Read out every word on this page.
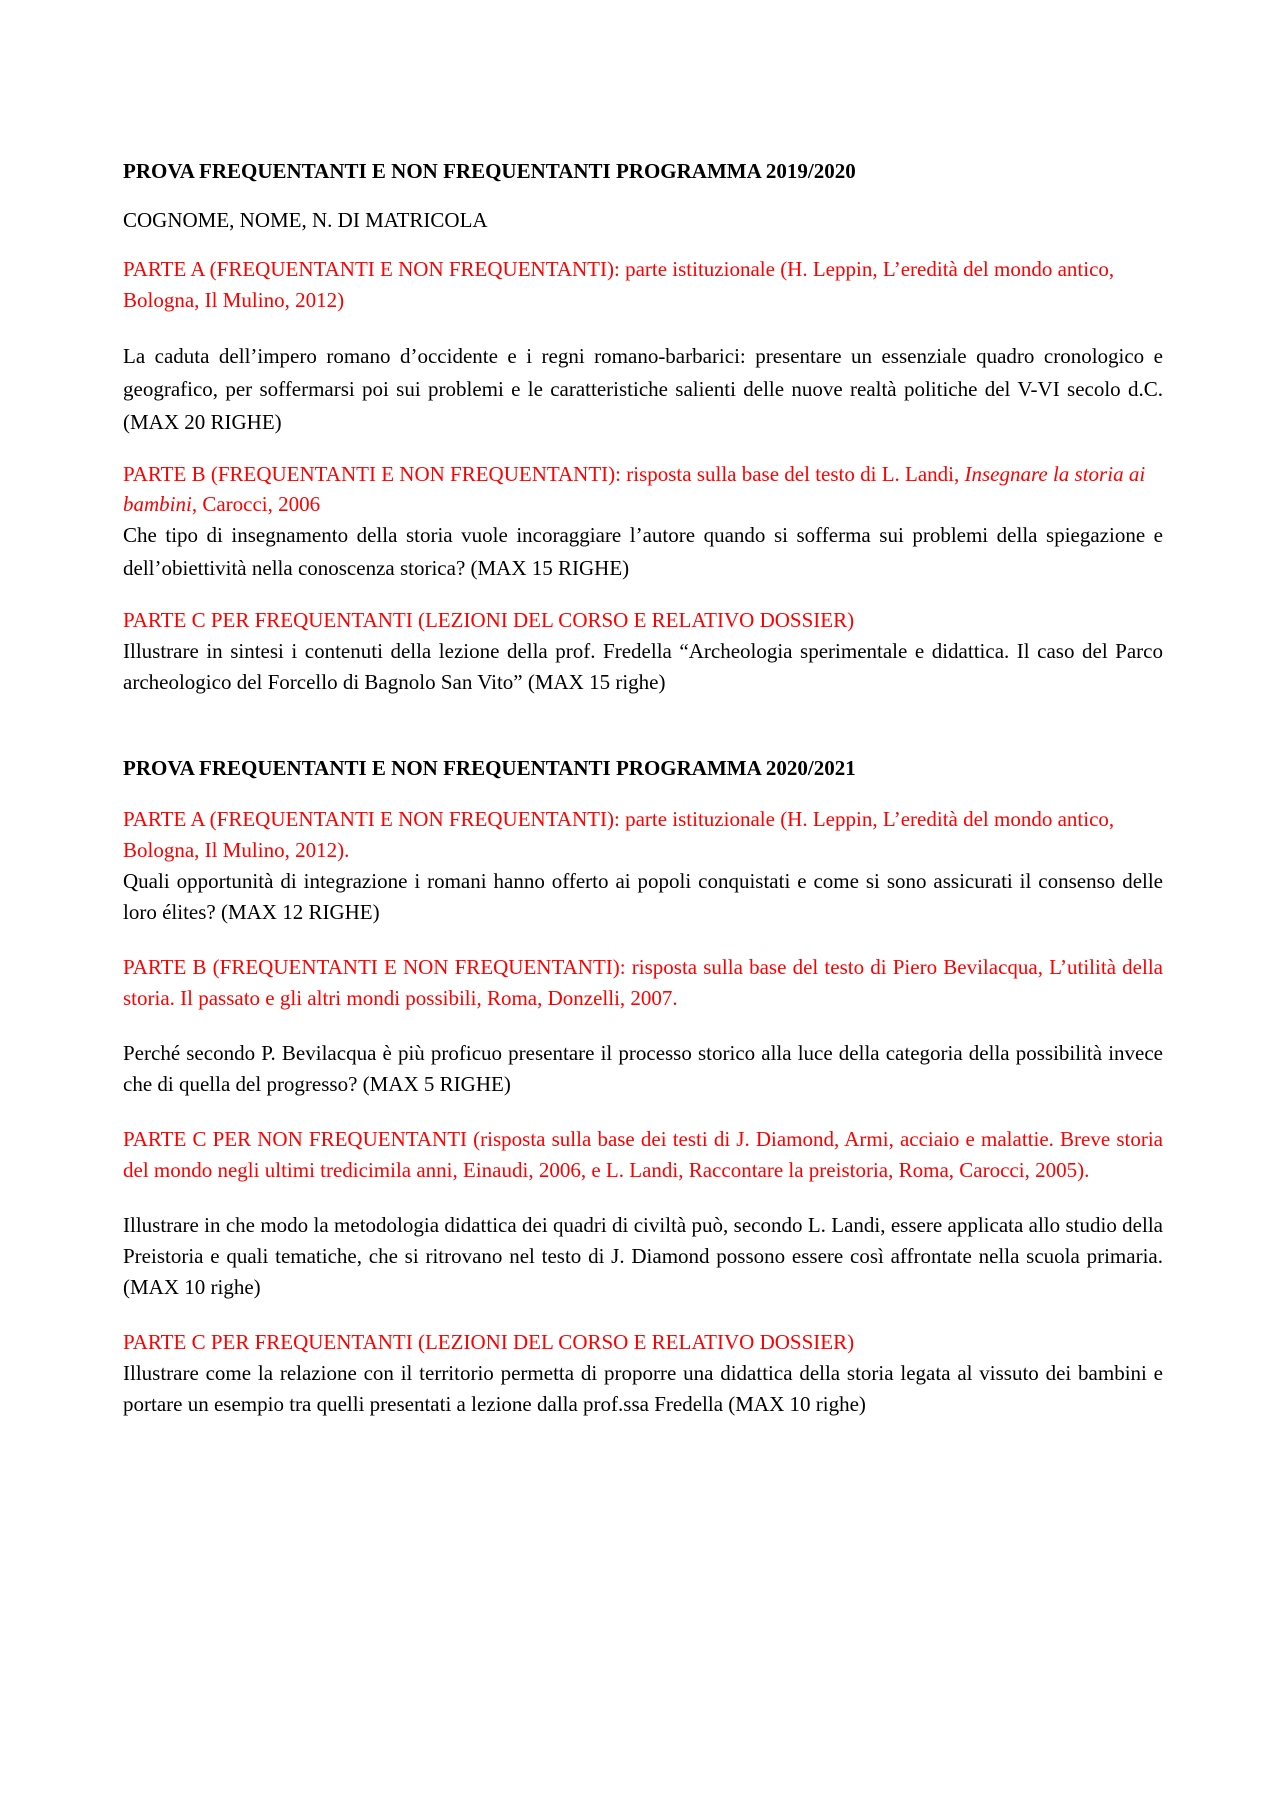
PROVA FREQUENTANTI E NON FREQUENTANTI PROGRAMMA 2019/2020

COGNOME, NOME, N. DI MATRICOLA

PARTE A (FREQUENTANTI E NON FREQUENTANTI): parte istituzionale (H. Leppin, L’eredità del mondo antico, Bologna, Il Mulino, 2012)

La caduta dell’impero romano d’occidente e i regni romano-barbarici: presentare un essenziale quadro cronologico e geografico, per soffermarsi poi sui problemi e le caratteristiche salienti delle nuove realtà politiche del V-VI secolo d.C. (MAX 20 RIGHE)

PARTE B (FREQUENTANTI E NON FREQUENTANTI): risposta sulla base del testo di L. Landi, Insegnare la storia ai bambini, Carocci, 2006

Che tipo di insegnamento della storia vuole incoraggiare l’autore quando si sofferma sui problemi della spiegazione e dell’obiettività nella conoscenza storica? (MAX 15 RIGHE)

PARTE C PER FREQUENTANTI (LEZIONI DEL CORSO E RELATIVO DOSSIER)

Illustrare in sintesi i contenuti della lezione della prof. Fredella “Archeologia sperimentale e didattica. Il caso del Parco archeologico del Forcello di Bagnolo San Vito” (MAX 15 righe)

PROVA FREQUENTANTI E NON FREQUENTANTI PROGRAMMA 2020/2021

PARTE A (FREQUENTANTI E NON FREQUENTANTI): parte istituzionale (H. Leppin, L’eredità del mondo antico, Bologna, Il Mulino, 2012).

Quali opportunità di integrazione i romani hanno offerto ai popoli conquistati e come si sono assicurati il consenso delle loro élites? (MAX 12 RIGHE)

PARTE B (FREQUENTANTI E NON FREQUENTANTI): risposta sulla base del testo di Piero Bevilacqua, L’utilità della storia. Il passato e gli altri mondi possibili, Roma, Donzelli, 2007.

Perché secondo P. Bevilacqua è più proficuo presentare il processo storico alla luce della categoria della possibilità invece che di quella del progresso? (MAX 5 RIGHE)

PARTE C PER NON FREQUENTANTI (risposta sulla base dei testi di J. Diamond, Armi, acciaio e malattie. Breve storia del mondo negli ultimi tredicimila anni, Einaudi, 2006, e L. Landi, Raccontare la preistoria, Roma, Carocci, 2005).

Illustrare in che modo la metodologia didattica dei quadri di civiltà può, secondo L. Landi, essere applicata allo studio della Preistoria e quali tematiche, che si ritrovano nel testo di J. Diamond possono essere così affrontate nella scuola primaria. (MAX 10 righe)

PARTE C PER FREQUENTANTI (LEZIONI DEL CORSO E RELATIVO DOSSIER)

Illustrare come la relazione con il territorio permetta di proporre una didattica della storia legata al vissuto dei bambini e portare un esempio tra quelli presentati a lezione dalla prof.ssa Fredella (MAX 10 righe)
